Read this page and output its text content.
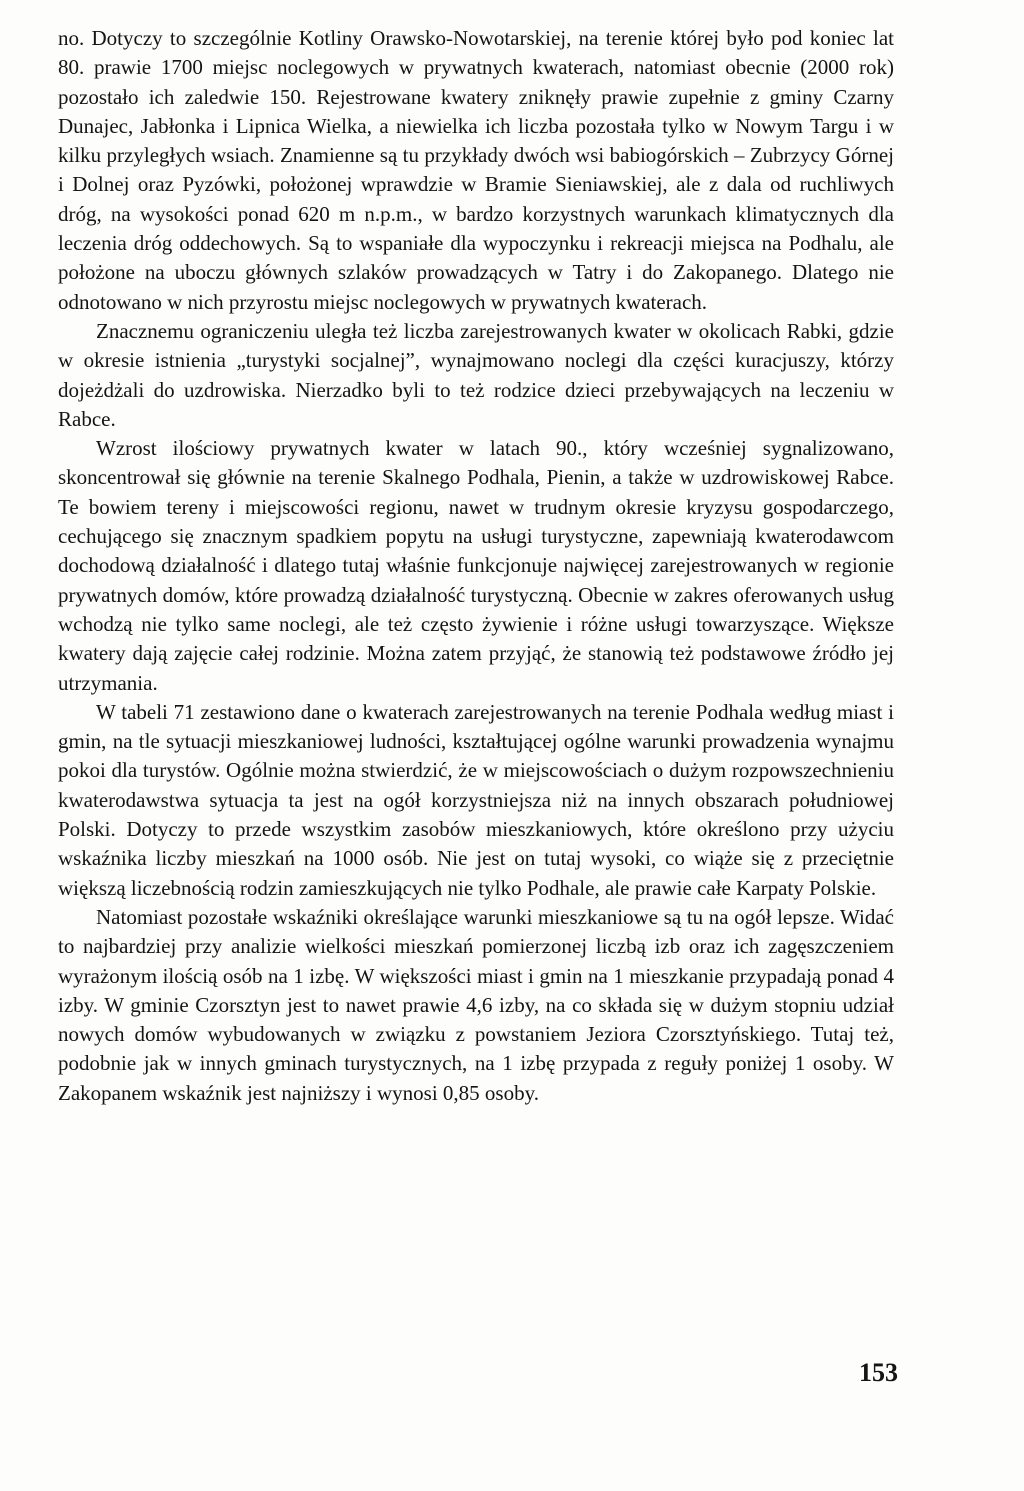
no. Dotyczy to szczególnie Kotliny Orawsko-Nowotarskiej, na terenie której było pod koniec lat 80. prawie 1700 miejsc noclegowych w prywatnych kwaterach, natomiast obecnie (2000 rok) pozostało ich zaledwie 150. Rejestrowane kwatery zniknęły prawie zupełnie z gminy Czarny Dunajec, Jabłonka i Lipnica Wielka, a niewielka ich liczba pozostała tylko w Nowym Targu i w kilku przyległych wsiach. Znamienne są tu przykłady dwóch wsi babiogórskich – Zubrzycy Górnej i Dolnej oraz Pyzówki, położonej wprawdzie w Bramie Sieniawskiej, ale z dala od ruchliwych dróg, na wysokości ponad 620 m n.p.m., w bardzo korzystnych warunkach klimatycznych dla leczenia dróg oddechowych. Są to wspaniałe dla wypoczynku i rekreacji miejsca na Podhalu, ale położone na uboczu głównych szlaków prowadzących w Tatry i do Zakopanego. Dlatego nie odnotowano w nich przyrostu miejsc noclegowych w prywatnych kwaterach.

Znacznemu ograniczeniu uległa też liczba zarejestrowanych kwater w okolicach Rabki, gdzie w okresie istnienia „turystyki socjalnej”, wynajmowano noclegi dla części kuracjuszy, którzy dojeżdżali do uzdrowiska. Nierzadko byli to też rodzice dzieci przebywających na leczeniu w Rabce.

Wzrost ilościowy prywatnych kwater w latach 90., który wcześniej sygnalizowano, skoncentrował się głównie na terenie Skalnego Podhala, Pienin, a także w uzdrowiskowej Rabce. Te bowiem tereny i miejscowości regionu, nawet w trudnym okresie kryzysu gospodarczego, cechującego się znacznym spadkiem popytu na usługi turystyczne, zapewniają kwaterodawcom dochodową działalność i dlatego tutaj właśnie funkcjonuje najwięcej zarejestrowanych w regionie prywatnych domów, które prowadzą działalność turystyczną. Obecnie w zakres oferowanych usług wchodzą nie tylko same noclegi, ale też często żywienie i różne usługi towarzyszące. Większe kwatery dają zajęcie całej rodzinie. Można zatem przyjąć, że stanowią też podstawowe źródło jej utrzymania.

W tabeli 71 zestawiono dane o kwaterach zarejestrowanych na terenie Podhala według miast i gmin, na tle sytuacji mieszkaniowej ludności, kształtującej ogólne warunki prowadzenia wynajmu pokoi dla turystów. Ogólnie można stwierdzić, że w miejscowościach o dużym rozpowszechnieniu kwaterodawstwa sytuacja ta jest na ogół korzystniejsza niż na innych obszarach południowej Polski. Dotyczy to przede wszystkim zasobów mieszkaniowych, które określono przy użyciu wskaźnika liczby mieszkań na 1000 osób. Nie jest on tutaj wysoki, co wiąże się z przeciętnie większą liczebnością rodzin zamieszkujących nie tylko Podhale, ale prawie całe Karpaty Polskie.

Natomiast pozostałe wskaźniki określające warunki mieszkaniowe są tu na ogół lepsze. Widać to najbardziej przy analizie wielkości mieszkań pomierzonej liczbą izb oraz ich zagęszczeniem wyrażonym ilością osób na 1 izbę. W większości miast i gmin na 1 mieszkanie przypadają ponad 4 izby. W gminie Czorsztyn jest to nawet prawie 4,6 izby, na co składa się w dużym stopniu udział nowych domów wybudowanych w związku z powstaniem Jeziora Czorsztyńskiego. Tutaj też, podobnie jak w innych gminach turystycznych, na 1 izbę przypada z reguły poniżej 1 osoby. W Zakopanem wskaźnik jest najniższy i wynosi 0,85 osoby.

153
